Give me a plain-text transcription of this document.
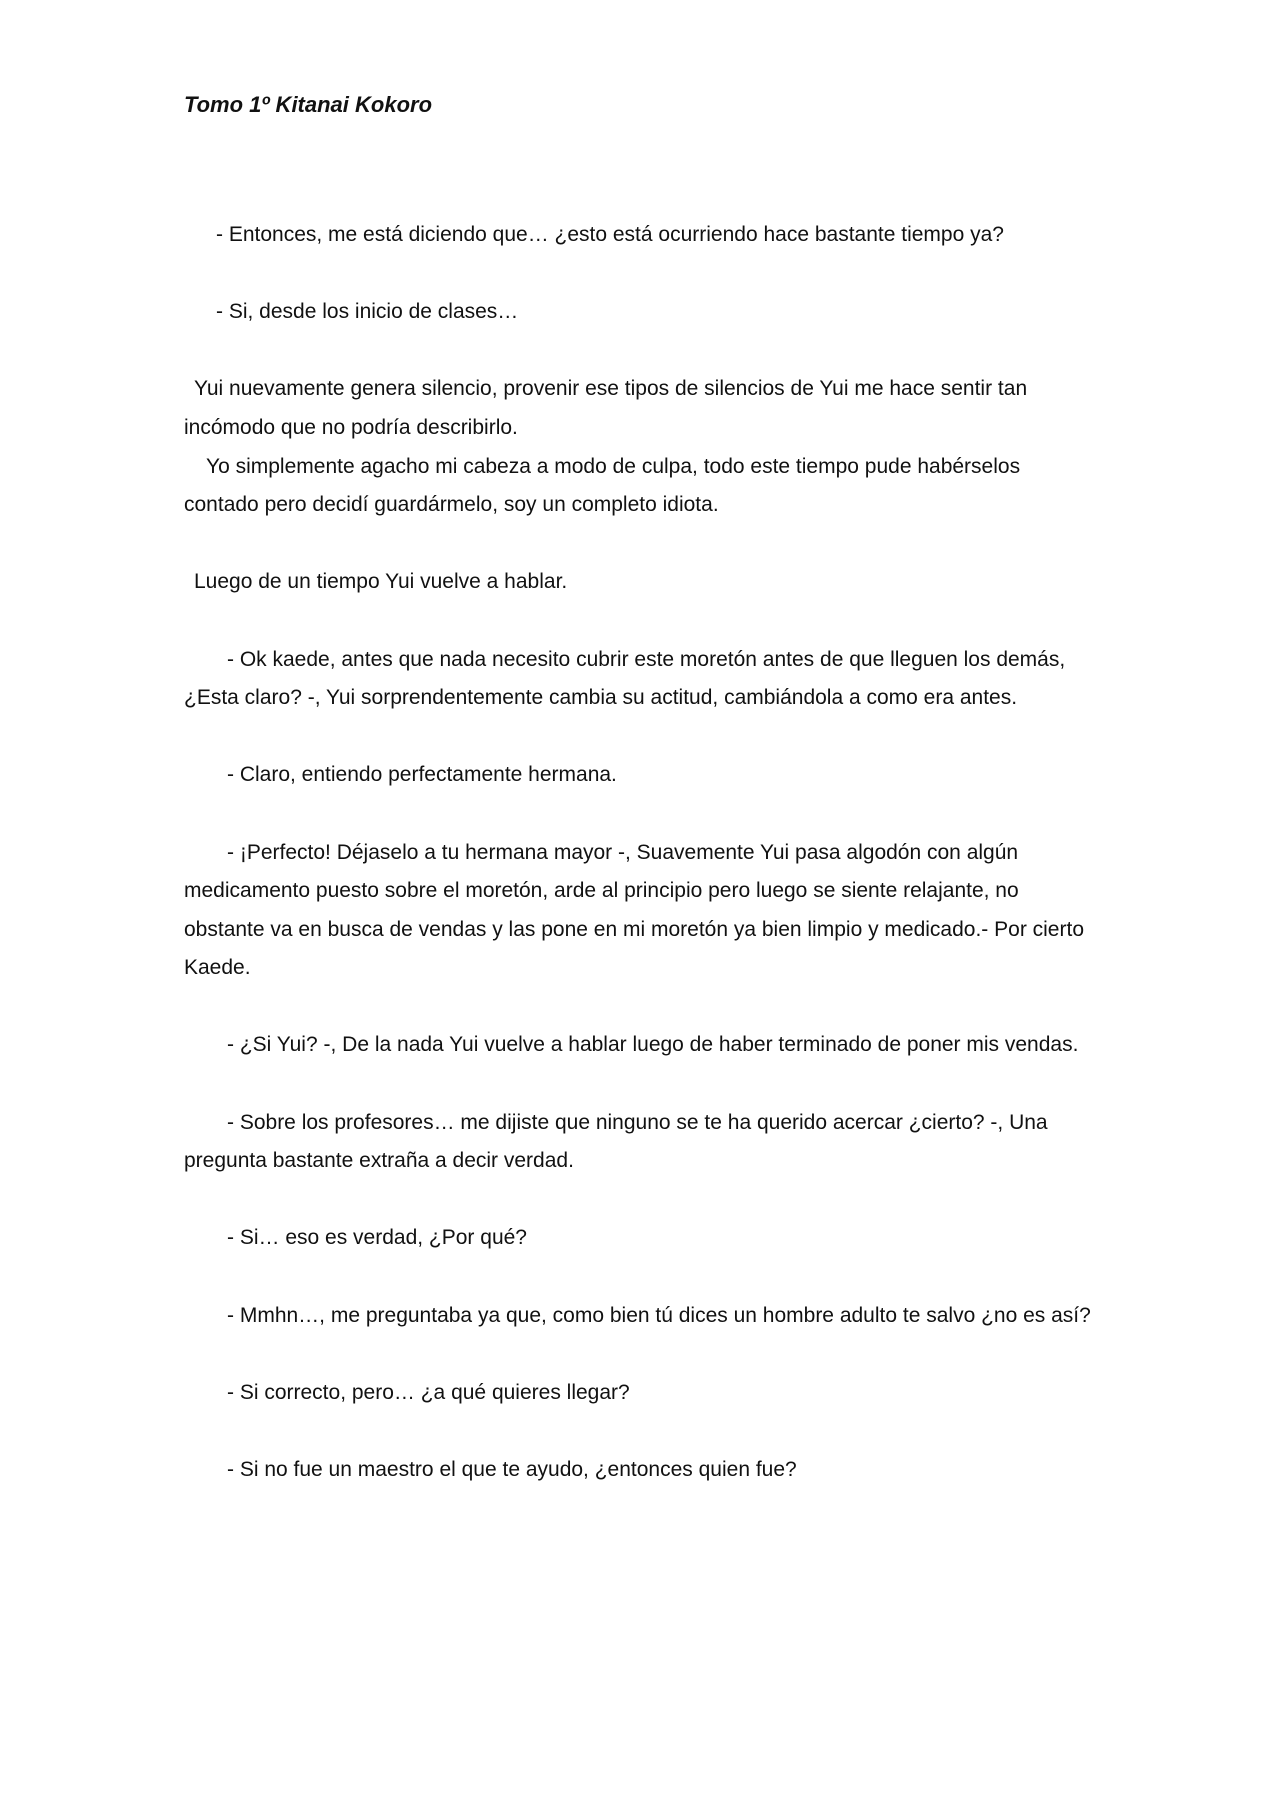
Tomo 1º Kitanai Kokoro

- Entonces, me está diciendo que… ¿esto está ocurriendo hace bastante tiempo ya?

- Si, desde los inicio de clases…

Yui nuevamente genera silencio, provenir ese tipos de silencios de Yui me hace sentir tan incómodo que no podría describirlo.

Yo simplemente agacho mi cabeza a modo de culpa, todo este tiempo pude habérselos contado pero decidí guardármelo, soy un completo idiota.

Luego de un tiempo Yui vuelve a hablar.

- Ok kaede, antes que nada necesito cubrir este moretón antes de que lleguen los demás, ¿Esta claro? -, Yui sorprendentemente cambia su actitud, cambiándola a como era antes.

- Claro, entiendo perfectamente hermana.

- ¡Perfecto! Déjaselo a tu hermana mayor -, Suavemente Yui pasa algodón con algún medicamento puesto sobre el moretón, arde al principio pero luego se siente relajante, no obstante va en busca de vendas y las pone en mi moretón ya bien limpio y medicado.- Por cierto Kaede.

- ¿Si Yui? -, De la nada Yui vuelve a hablar luego de haber terminado de poner mis vendas.

- Sobre los profesores… me dijiste que ninguno se te ha querido acercar ¿cierto? -, Una pregunta bastante extraña a decir verdad.

- Si… eso es verdad, ¿Por qué?

- Mmhn…, me preguntaba ya que, como bien tú dices un hombre adulto te salvo ¿no es así?

- Si correcto, pero… ¿a qué quieres llegar?

- Si no fue un maestro el que te ayudo, ¿entonces quien fue?
